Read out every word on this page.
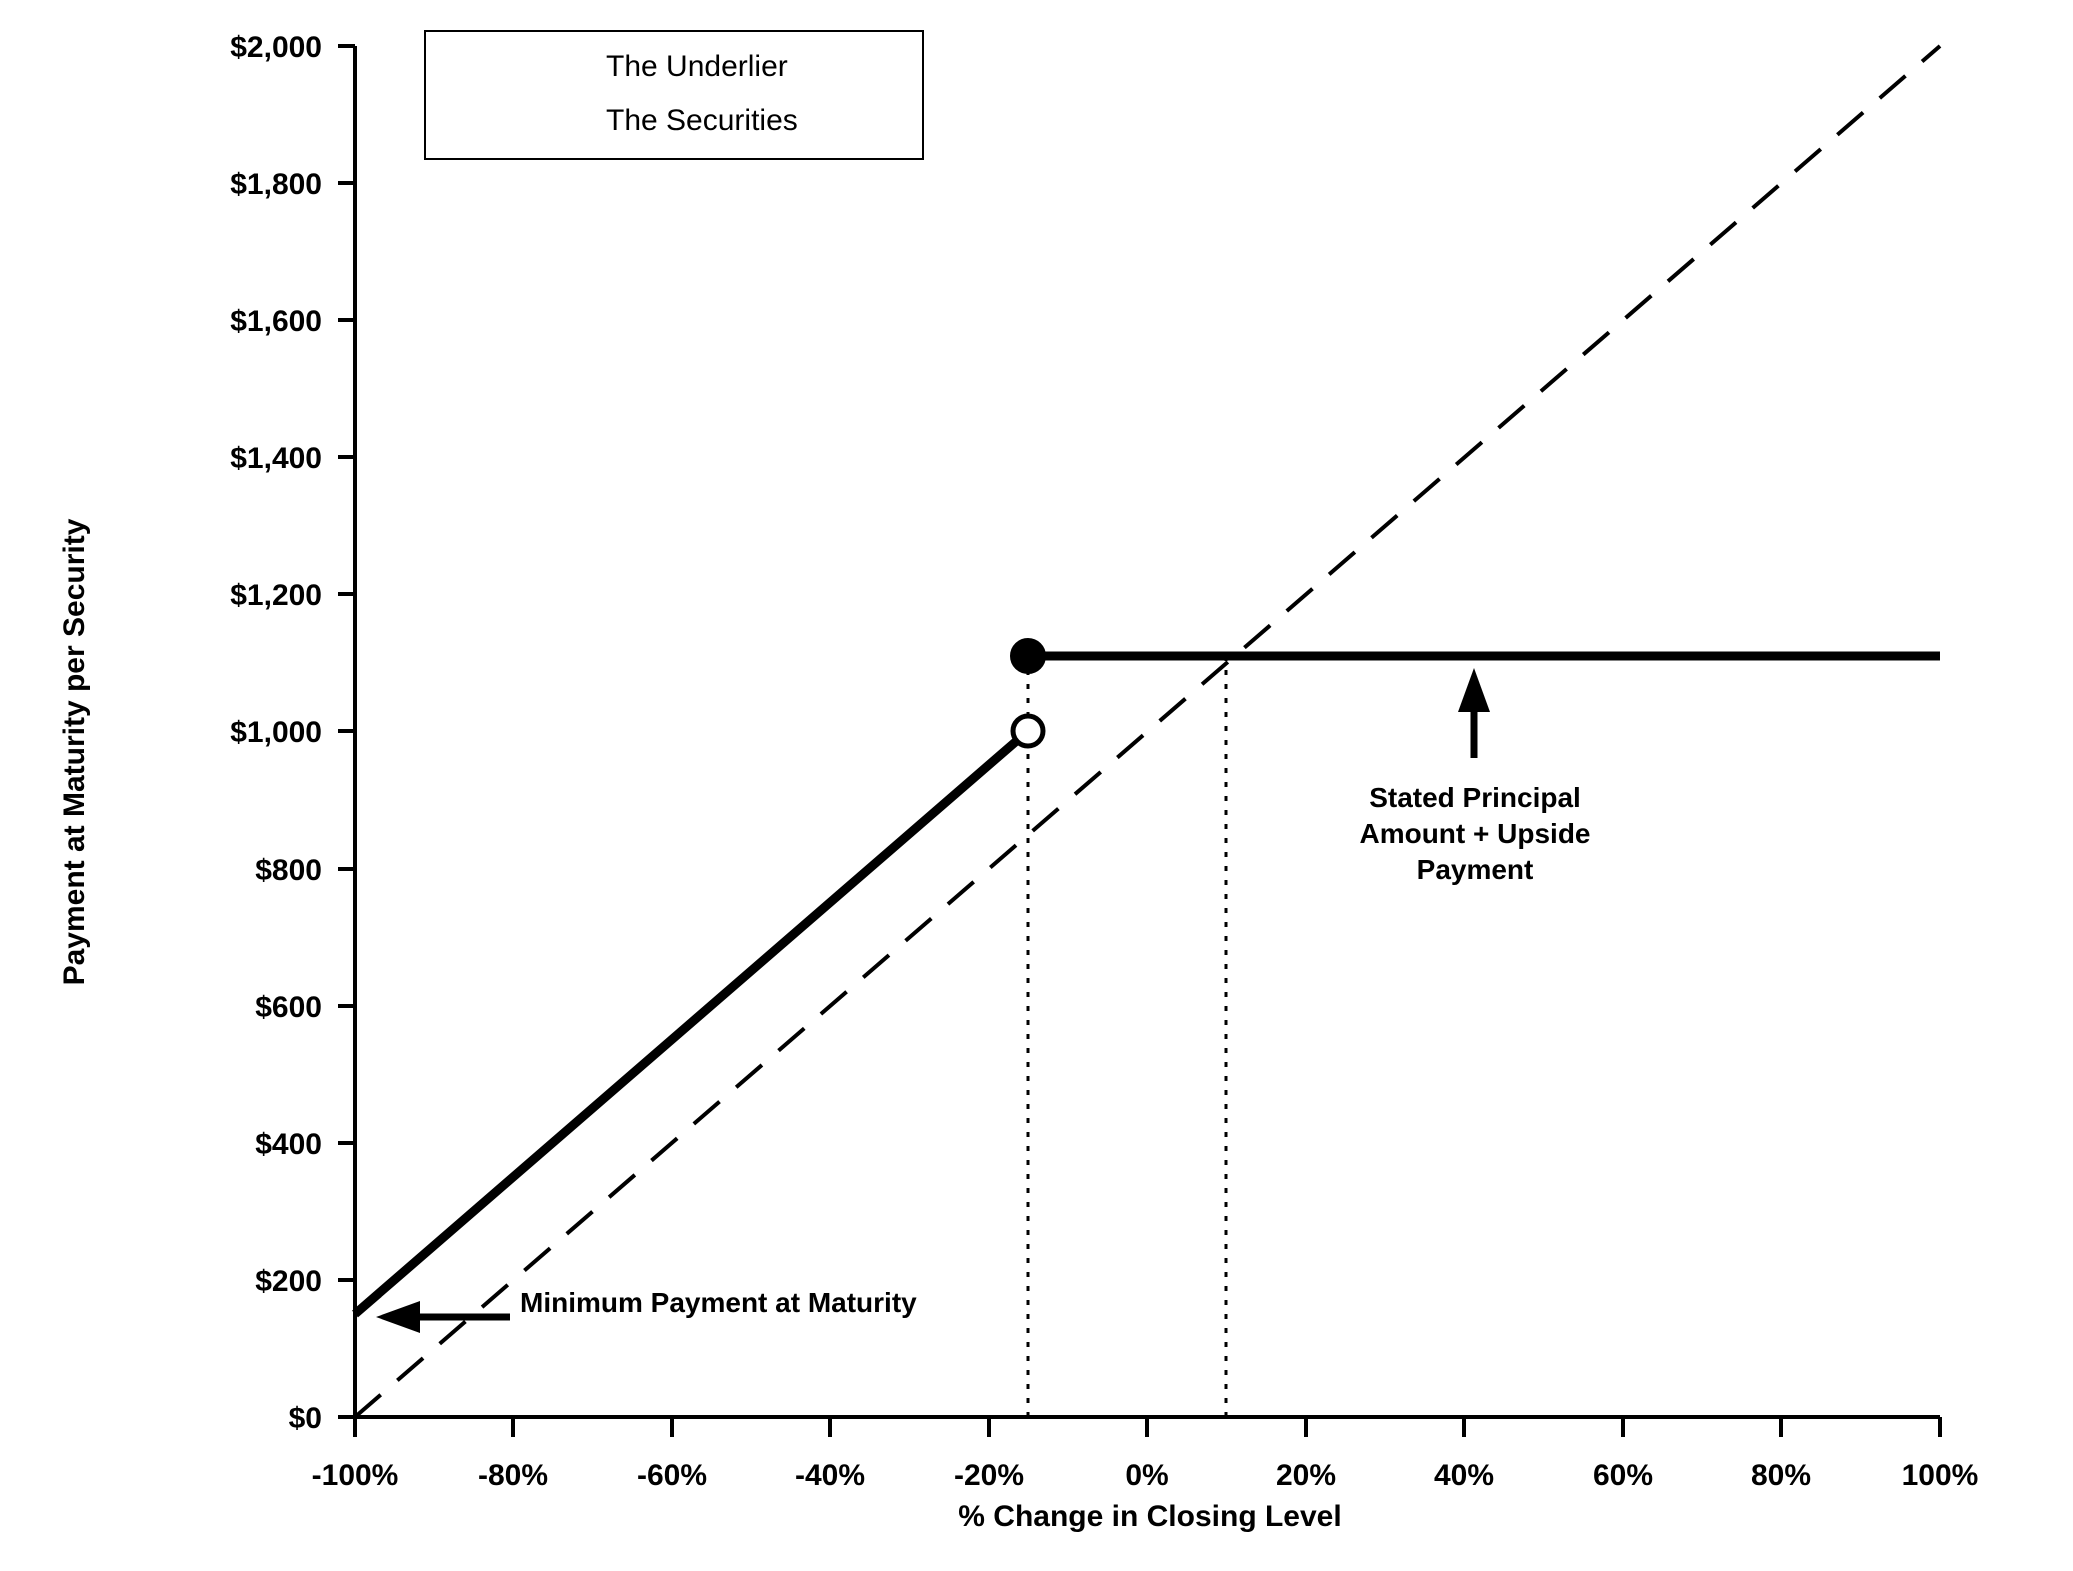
$0
$200
$400
$600
$800
$1,000
$1,200
$1,400
$1,600
$1,800
$2,000
-100%	-80%	-60%	-40%	-20%	0%	20%	40%	60%	80%	100%
The Underlier
The Securities
Payment at Maturity per Security
% Change in Closing Level
Stated Principal
Amount + Upside
Payment
Minimum Payment at Maturity
